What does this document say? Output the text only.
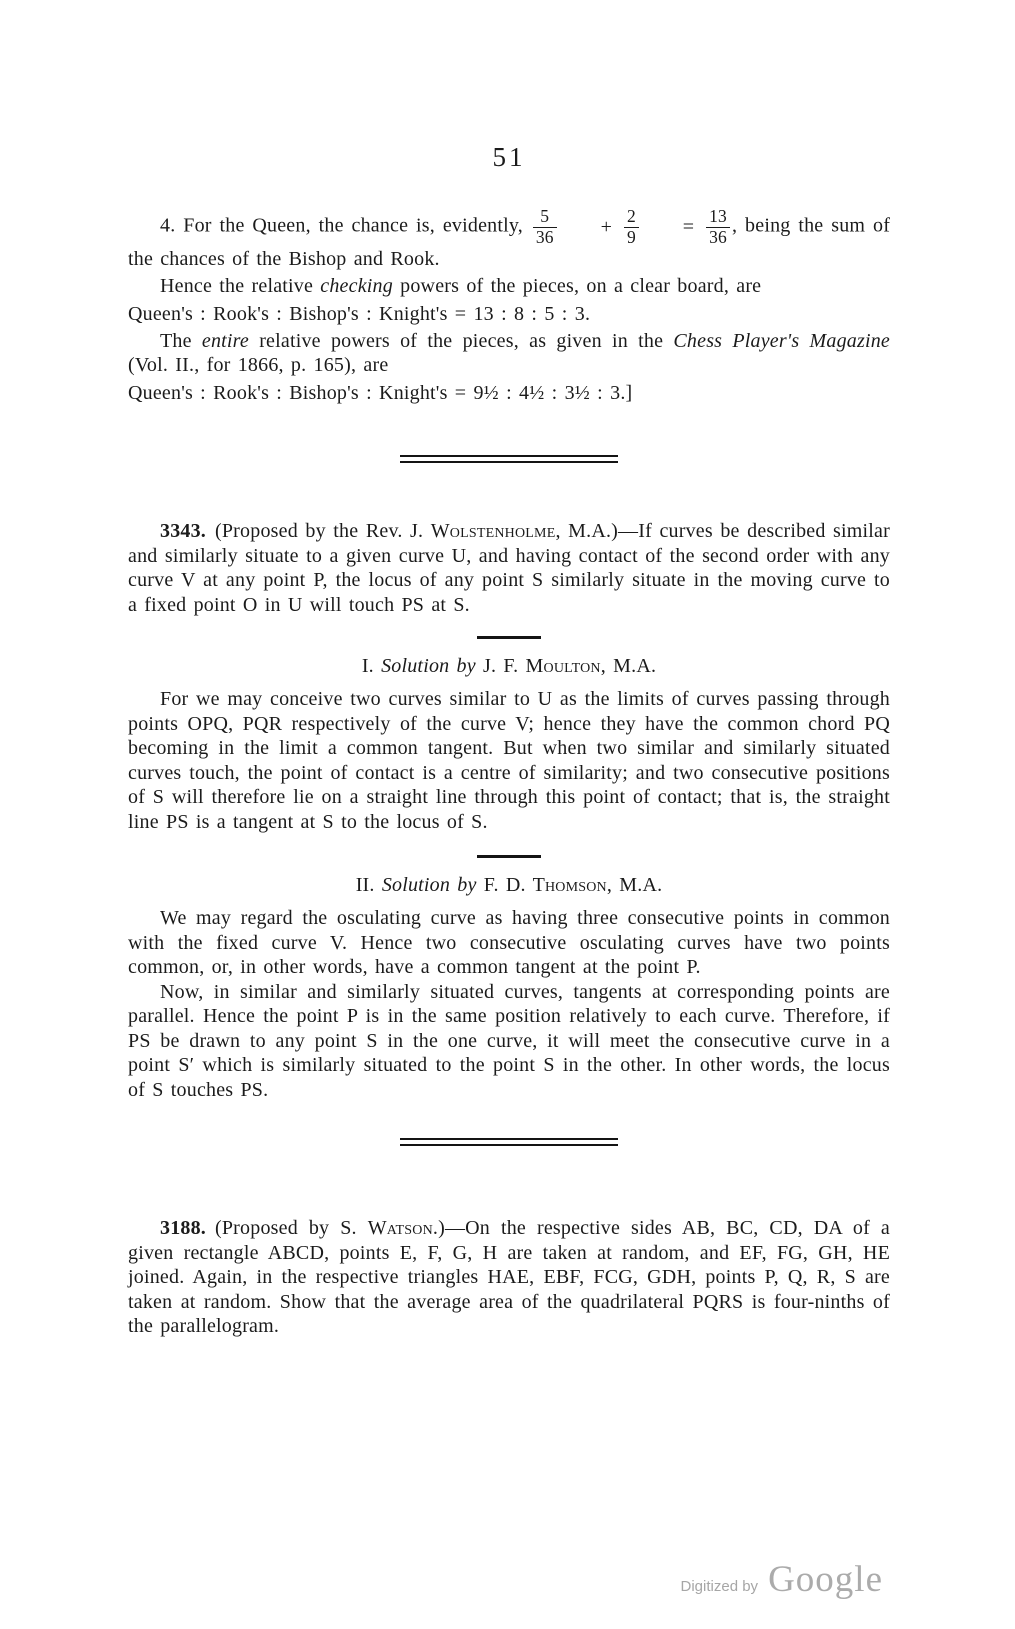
51

4. For the Queen, the chance is, evidently, $\frac{5}{36} + \frac{2}{9} = \frac{13}{36}$ , being the sum of the chances of the Bishop and Rook.

Hence the relative checking powers of the pieces, on a clear board, are

Queen's : Rook's : Bishop's : Knight's = 13 : 8 : 5 : 3.

The entire relative powers of the pieces, as given in the Chess Player's Magazine (Vol. II., for 1866, p. 165), are

Queen's : Rook's : Bishop's : Knight's = 9½ : 4½ : 3½ : 3.]

3343. (Proposed by the Rev. J. Wolstenholme, M.A.)—If curves be described similar and similarly situate to a given curve U, and having contact of the second order with any curve V at any point P, the locus of any point S similarly situate in the moving curve to a fixed point O in U will touch PS at S.

I. Solution by J. F. Moulton, M.A.

For we may conceive two curves similar to U as the limits of curves passing through points OPQ, PQR respectively of the curve V; hence they have the common chord PQ becoming in the limit a common tangent. But when two similar and similarly situated curves touch, the point of contact is a centre of similarity; and two consecutive positions of S will therefore lie on a straight line through this point of contact; that is, the straight line PS is a tangent at S to the locus of S.

II. Solution by F. D. Thomson, M.A.

We may regard the osculating curve as having three consecutive points in common with the fixed curve V. Hence two consecutive osculating curves have two points common, or, in other words, have a common tangent at the point P.

Now, in similar and similarly situated curves, tangents at corresponding points are parallel. Hence the point P is in the same position relatively to each curve. Therefore, if PS be drawn to any point S in the one curve, it will meet the consecutive curve in a point S′ which is similarly situated to the point S in the other. In other words, the locus of S touches PS.

3188. (Proposed by S. Watson.)—On the respective sides AB, BC, CD, DA of a given rectangle ABCD, points E, F, G, H are taken at random, and EF, FG, GH, HE joined. Again, in the respective triangles HAE, EBF, FCG, GDH, points P, Q, R, S are taken at random. Show that the average area of the quadrilateral PQRS is four-ninths of the parallelogram.

Digitized by Google
